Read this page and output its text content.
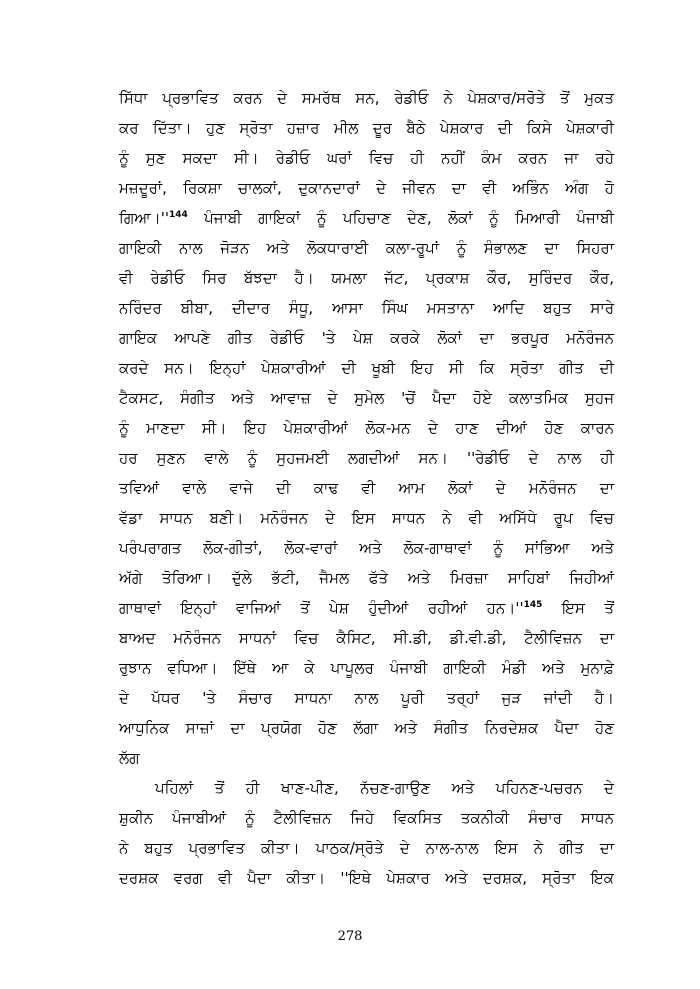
ਸਿੱਧਾ ਪ੍ਰਭਾਵਿਤ ਕਰਨ ਦੇ ਸਮਰੱਥ ਸਨ, ਰੇਡੀਓ ਨੇ ਪੇਸ਼ਕਾਰ/ਸਰੋਤੇ ਤੋਂ ਮੁਕਤ
ਕਰ ਦਿੱਤਾ। ਹੁਣ ਸ੍ਰੋਤਾ ਹਜ਼ਾਰ ਮੀਲ ਦੂਰ ਬੈਠੇ ਪੇਸ਼ਕਾਰ ਦੀ ਕਿਸੇ ਪੇਸ਼ਕਾਰੀ
ਨੂੰ ਸੁਣ ਸਕਦਾ ਸੀ। ਰੇਡੀਓ ਘਰਾਂ ਵਿਚ ਹੀ ਨਹੀਂ ਕੰਮ ਕਰਨ ਜਾ ਰਹੇ
ਮਜ਼ਦੂਰਾਂ, ਰਿਕਸ਼ਾ ਚਾਲਕਾਂ, ਦੁਕਾਨਦਾਰਾਂ ਦੇ ਜੀਵਨ ਦਾ ਵੀ ਅਭਿੰਨ ਅੰਗ ਹੋ
$ਗਿਆ।''^{144}$ ਪੰਜਾਬੀ ਗਾਇਕਾਂ ਨੂੰ ਪਹਿਚਾਣ ਦੇਣ, ਲੋਕਾਂ ਨੂੰ ਮਿਆਰੀ ਪੰਜਾਬੀ
ਗਾਇਕੀ ਨਾਲ ਜੋੜਨ ਅਤੇ ਲੋਕਧਾਰਾਈ ਕਲਾ-ਰੂਪਾਂ ਨੂੰ ਸੰਭਾਲਣ ਦਾ ਸਿਹਰਾ
ਵੀ ਰੇਡੀਓ ਸਿਰ ਬੱਝਦਾ ਹੈ। ਯਮਲਾ ਜੱਟ, ਪ੍ਰਕਾਸ਼ ਕੌਰ, ਸੁਰਿੰਦਰ ਕੌਰ,
ਨਰਿੰਦਰ ਬੀਬਾ, ਦੀਦਾਰ ਸੰਧੂ, ਆਸਾ ਸਿੰਘ ਮਸਤਾਨਾ ਆਦਿ ਬਹੁਤ ਸਾਰੇ
ਗਾਇਕ ਆਪਣੇ ਗੀਤ ਰੇਡੀਓ 'ਤੇ ਪੇਸ਼ ਕਰਕੇ ਲੋਕਾਂ ਦਾ ਭਰਪੂਰ ਮਨੋਰੰਜਨ
ਕਰਦੇ ਸਨ। ਇਨ੍ਹਾਂ ਪੇਸ਼ਕਾਰੀਆਂ ਦੀ ਖੂਬੀ ਇਹ ਸੀ ਕਿ ਸ੍ਰੋਤਾ ਗੀਤ ਦੀ
ਟੈਕਸਟ, ਸੰਗੀਤ ਅਤੇ ਆਵਾਜ਼ ਦੇ ਸੁਮੇਲ 'ਚੋਂ ਪੈਦਾ ਹੋਏ ਕਲਾਤਮਿਕ ਸੁਹਜ
ਨੂੰ ਮਾਣਦਾ ਸੀ। ਇਹ ਪੇਸ਼ਕਾਰੀਆਂ ਲੋਕ-ਮਨ ਦੇ ਹਾਣ ਦੀਆਂ ਹੋਣ ਕਾਰਨ
ਹਰ ਸੁਣਨ ਵਾਲੇ ਨੂੰ ਸੁਹਜਮਈ ਲਗਦੀਆਂ ਸਨ। ''ਰੇਡੀਓ ਦੇ ਨਾਲ ਹੀ
ਤਵਿਆਂ ਵਾਲੇ ਵਾਜੇ ਦੀ ਕਾਢ ਵੀ ਆਮ ਲੋਕਾਂ ਦੇ ਮਨੋਰੰਜਨ ਦਾ
ਵੱਡਾ ਸਾਧਨ ਬਣੀ। ਮਨੋਰੰਜਨ ਦੇ ਇਸ ਸਾਧਨ ਨੇ ਵੀ ਅਸਿੱਧੇ ਰੂਪ ਵਿਚ
ਪਰੰਪਰਾਗਤ ਲੋਕ-ਗੀਤਾਂ, ਲੋਕ-ਵਾਰਾਂ ਅਤੇ ਲੋਕ-ਗਾਥਾਵਾਂ ਨੂੰ ਸਾਂਭਿਆ ਅਤੇ
ਅੱਗੇ ਤੋਰਿਆ। ਦੁੱਲੇ ਭੱਟੀ, ਜੈਮਲ ਫੱਤੇ ਅਤੇ ਮਿਰਜ਼ਾ ਸਾਹਿਬਾਂ ਜਿਹੀਆਂ
ਗਾਥਾਵਾਂ ਇਨ੍ਹਾਂ ਵਾਜਿਆਂ ਤੋਂ ਪੇਸ਼ ਹੁੰਦੀਆਂ ਰਹੀਆਂ $ਹਨ।''^{145}$ ਇਸ ਤੋਂ
ਬਾਅਦ ਮਨੋਰੰਜਨ ਸਾਧਨਾਂ ਵਿਚ ਕੈਸਿਟ, ਸੀ.ਡੀ, ਡੀ.ਵੀ.ਡੀ, ਟੈਲੀਵਿਜ਼ਨ ਦਾ
ਰੁਝਾਨ ਵਧਿਆ। ਇੱਥੇ ਆ ਕੇ ਪਾਪੂਲਰ ਪੰਜਾਬੀ ਗਾਇਕੀ ਮੰਡੀ ਅਤੇ ਮੁਨਾਫ਼ੇ
ਦੇ ਪੱਧਰ 'ਤੇ ਸੰਚਾਰ ਸਾਧਨਾ ਨਾਲ ਪੂਰੀ ਤਰ੍ਹਾਂ ਜੁੜ ਜਾਂਦੀ ਹੈ।
ਆਧੁਨਿਕ ਸਾਜ਼ਾਂ ਦਾ ਪ੍ਰਯੋਗ ਹੋਣ ਲੱਗਾ ਅਤੇ ਸੰਗੀਤ ਨਿਰਦੇਸ਼ਕ ਪੈਦਾ ਹੋਣ
ਲੱਗ
ਪਹਿਲਾਂ ਤੋਂ ਹੀ ਖਾਣ-ਪੀਣ, ਨੱਚਣ-ਗਾਉਣ ਅਤੇ ਪਹਿਨਣ-ਪਚਰਨ ਦੇ
ਸ਼ੁਕੀਨ ਪੰਜਾਬੀਆਂ ਨੂੰ ਟੈਲੀਵਿਜ਼ਨ ਜਿਹੇ ਵਿਕਸਿਤ ਤਕਨੀਕੀ ਸੰਚਾਰ ਸਾਧਨ
ਨੇ ਬਹੁਤ ਪ੍ਰਭਾਵਿਤ ਕੀਤਾ। ਪਾਠਕ/ਸ੍ਰੋਤੇ ਦੇ ਨਾਲ-ਨਾਲ ਇਸ ਨੇ ਗੀਤ ਦਾ
ਦਰਸ਼ਕ ਵਰਗ ਵੀ ਪੈਦਾ ਕੀਤਾ। ''ਇਥੇ ਪੇਸ਼ਕਾਰ ਅਤੇ ਦਰਸ਼ਕ, ਸ੍ਰੋਤਾ ਇਕ
278
